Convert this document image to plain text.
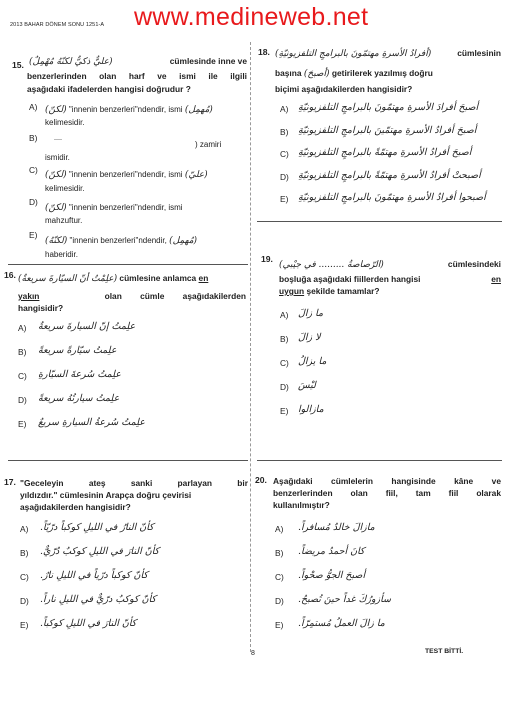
2013 BAHAR DÖNEM SONU 1251-A www.medineweb.net
15. (عليٌّ ذكيٌّ لكنّهُ مُهْمِلٌ)	cümlesinde inne ve
benzerlerinden olan harf ve ismi ile ilgili
aşağıdaki ifadelerden hangisi doğrudur ?
A) (لكنّ) "innenin benzerleri"ndendir, ismi (مُهمِل)
kelimesidir.
B)
) zamiri
ismidir.
C) (لكنّ) "innenin benzerleri"ndendir, ismi (عليّ)
kelimesidir.
D)
(لكنّ) "innenin benzerleri"ndendir, ismi
mahzuftur.
E)
(لكنّهُ) "innenin benzerleri"ndendir, (مُهمِل)
haberidir.
16. (علِمْتُ أنّ السيّارةَ سريعةٌ) cümlesine anlamca en
yakın	olan cümle aşağıdakilerden
hangisidir?
A) علِمتُ إنّ السيارةَ سريعةٌ
B) علِمتُ سيّارةً سريعةً
C) علِمتُ سُرعةَ السيّارةِ
D) علِمتُ سيارتُهُ سريعةً
E) علِمتُ سُرعةُ السيارةِ سريعٌ
17. "Geceleyin ateş sanki parlayan bir
yıldızdır." cümlesinin Arapça doğru çevirisi
aşağıdakilerden hangisidir?
A) كأنّ النارُ في الليلِ كوكباً درّيّاً.
B) كأنّ النارَ في الليلِ كوكبٌ دُرّيٌّ.
C) كأنّ كوكباً درّياً في الليلِ نارٌ.
D) كأنّ كوكبٌ درّيٌّ في الليلِ ناراً.
E) كأنّ النارَ في الليلِ كوكباً.
18. (أفرادُ الأسرةِ مهتمّونَ بالبرامجِ التلفزيونيّةِ)	cümlesinin
başına (أصبحَ) getirilerek yazılmış doğru
biçimi aşağıdakilerden hangisidir?
A) أصبحَ أفرادَ الأسرةِ مهتمّونَ بالبرامجِ التلفزيونيّةِ
B) أصبحَ أفرادُ الأسرةِ مهتمّينَ بالبرامجِ التلفزيونيّةِ
C) أصبحَ أفرادُ الأسرةِ مهتمّةً بالبرامجِ التلفزيونيّةِ
D) أصبحتْ أفرادُ الأسرةِ مهتمّةً بالبرامجِ التلفزيونيّةِ
E) أصبحوا أفرادُ الأسرةِ مهتمّونَ بالبرامجِ التلفزيونيّةِ
19.
(الرّصاصةُ ......... في جيْبي)	cümlesindeki
boşluğa aşağıdaki fiillerden hangisi	en
uygun şekilde tamamlar?
A) ما زالَ
B) لا زالَ
C) ما يزالُ
D) ليْسَ
E) مازالوا
20. Aşağıdaki cümlelerin hangisinde kâne ve
benzerlerinden olan fiil, tam fiil olarak
kullanılmıştır?
A) مازالَ خالدٌ مُسافراً.
B) كانَ أحمدُ مريضاً.
C) أصبحَ الجوُّ صحْواً.
D) سأزورُكَ غداً حينَ تُصبحُ.
E) ما زالَ العملُ مُستمِرّاً.
8	TEST BİTTİ.
